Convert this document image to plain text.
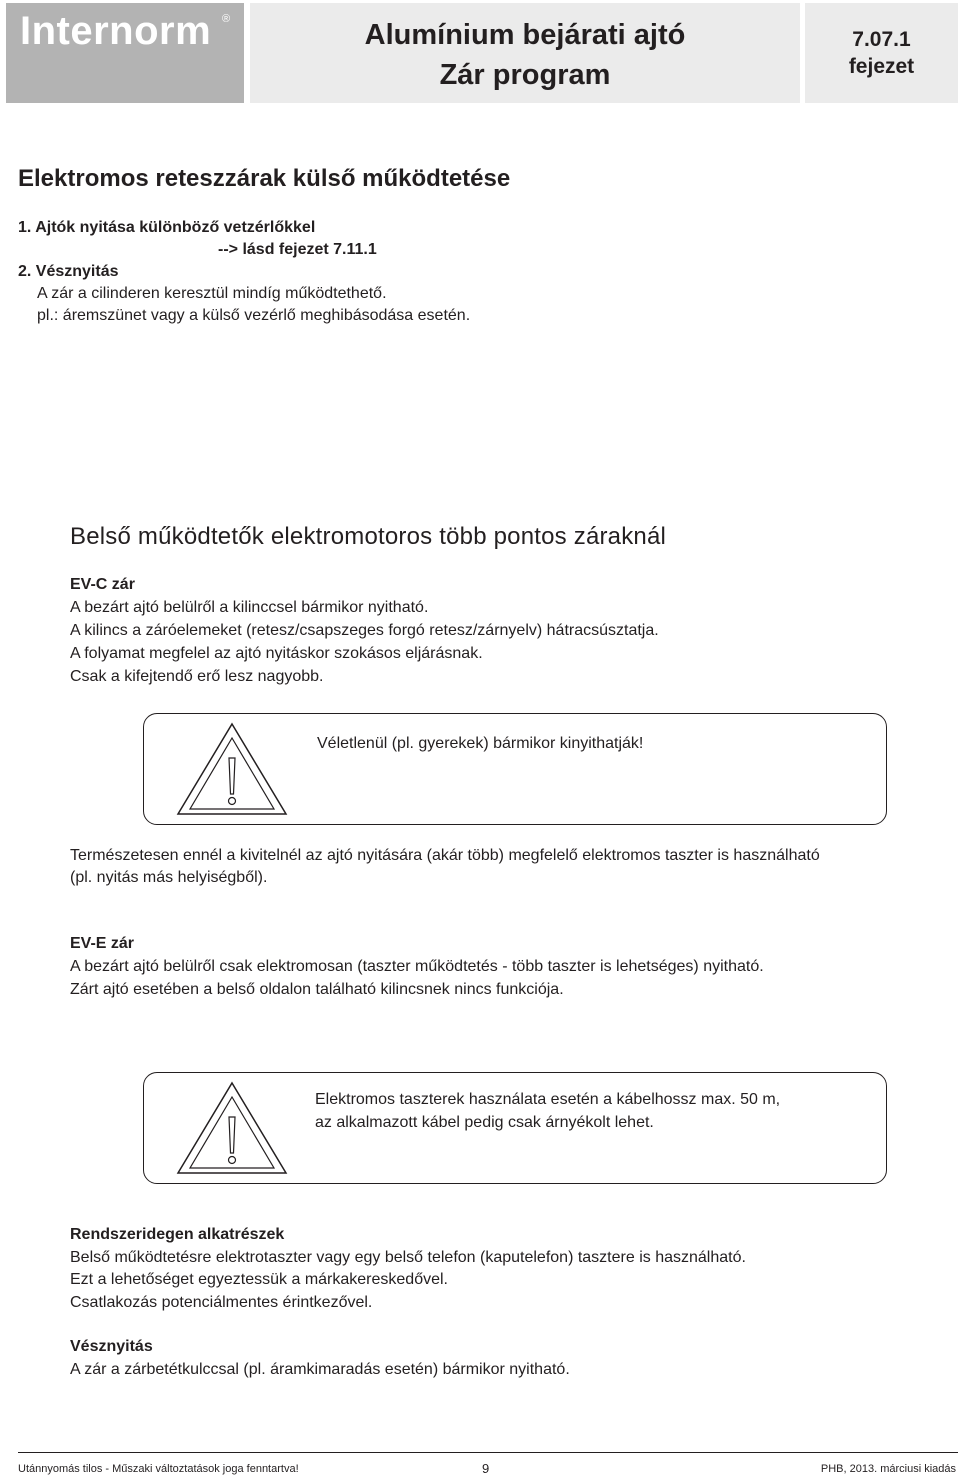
Internorm ®	Alumínium bejárati ajtó
Zár program
7.07.1
fejezet
Elektromos reteszzárak külső működtetése
1. Ajtók nyitása különböző vetzérlőkkel
--> lásd fejezet 7.11.1
2. Vésznyitás
A zár a cilinderen keresztül mindíg működtethető.
pl.: áremszünet vagy a külső vezérlő meghibásodása esetén.
Belső működtetők elektromotoros több pontos záraknál
EV-C zár
A bezárt ajtó belülről a kilinccsel bármikor nyitható.
A kilincs a záróelemeket (retesz/csapszeges forgó retesz/zárnyelv) hátracsúsztatja.
A folyamat megfelel az ajtó nyitáskor szokásos eljárásnak.
Csak a kifejtendő erő lesz nagyobb.
Véletlenül (pl. gyerekek) bármikor kinyithatják!
Természetesen ennél a kivitelnél az ajtó nyitására (akár több) megfelelő elektromos taszter is használható
(pl. nyitás más helyiségből).
EV-E zár
A bezárt ajtó belülről csak elektromosan (taszter működtetés - több taszter is lehetséges) nyitható.
Zárt ajtó esetében a belső oldalon található kilincsnek nincs funkciója.
Elektromos taszterek használata esetén a kábelhossz max. 50 m,
az alkalmazott kábel pedig csak árnyékolt lehet.
Rendszeridegen alkatrészek
Belső működtetésre elektrotaszter vagy egy belső telefon (kaputelefon) tasztere is használható.
Ezt a lehetőséget egyeztessük a márkakereskedővel.
Csatlakozás potenciálmentes érintkezővel.
Vésznyitás
A zár a zárbetétkulccsal (pl. áramkimaradás esetén) bármikor nyitható.
Utánnyomás tilos - Műszaki változtatások joga fenntartva!	9	PHB, 2013. márciusi kiadás
